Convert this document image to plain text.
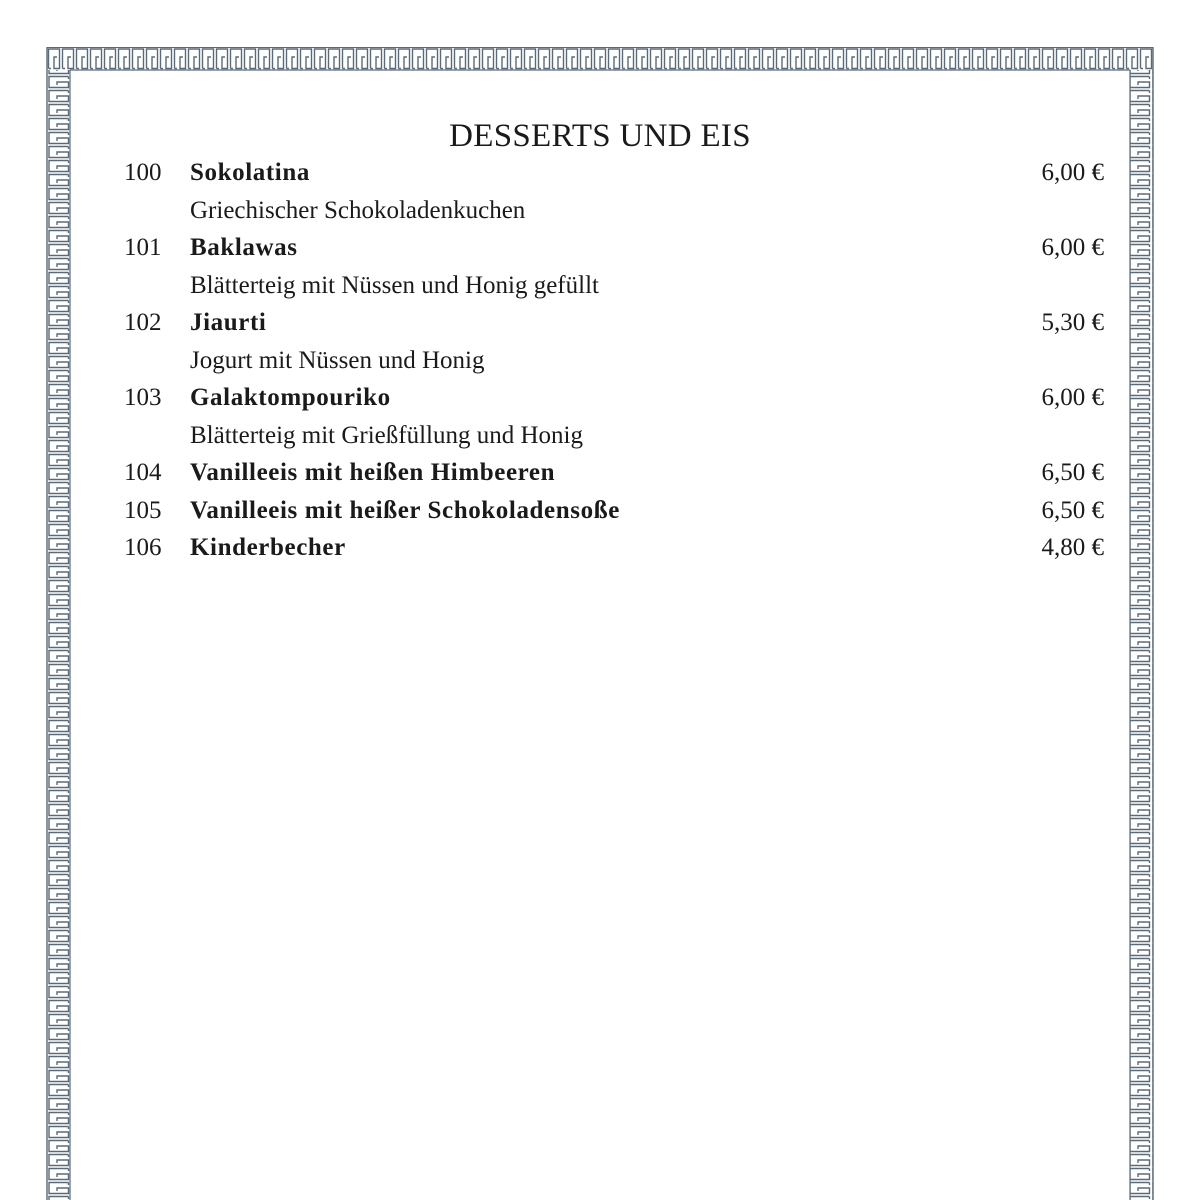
DESSERTS UND EIS
100 Sokolatina	6,00 €
Griechischer Schokoladenkuchen
101 Baklawas	6,00 €
Blätterteig mit Nüssen und Honig gefüllt
102 Jiaurti	5,30 €
Jogurt mit Nüssen und Honig
103 Galaktompouriko	6,00 €
Blätterteig mit Grießfüllung und Honig
104 Vanilleeis mit heißen Himbeeren	6,50 €
105 Vanilleeis mit heißer Schokoladensoße	6,50 €
106 Kinderbecher	4,80 €
